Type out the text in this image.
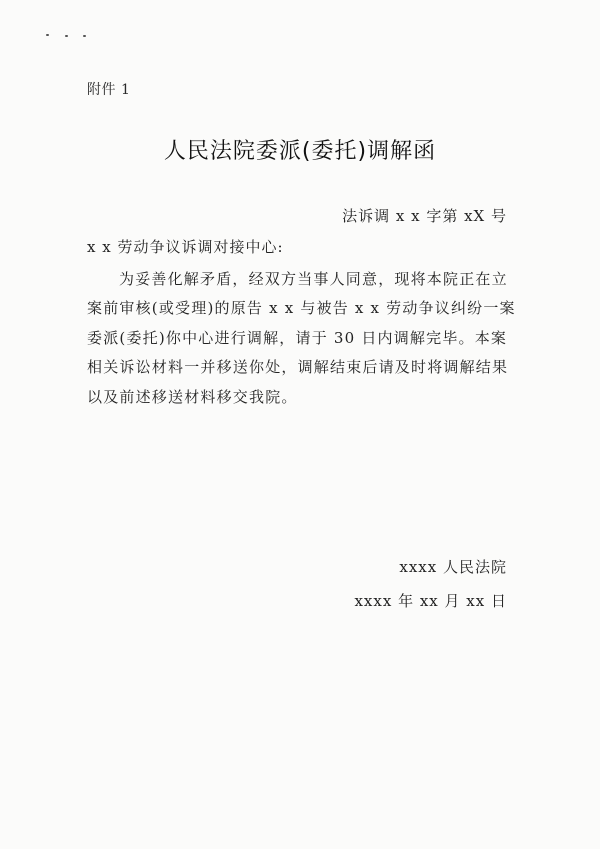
附件 1
人民法院委派(委托)调解函
法诉调 x x 字第 xX 号
x x 劳动争议诉调对接中心:
为妥善化解矛盾，经双方当事人同意，现将本院正在立
案前审核(或受理)的原告 x x 与被告 x x 劳动争议纠纷一案
委派(委托)你中心进行调解，请于 30 日内调解完毕。本案
相关诉讼材料一并移送你处，调解结束后请及时将调解结果
以及前述移送材料移交我院。
xxxx 人民法院
xxxx 年 xx 月 xx 日
